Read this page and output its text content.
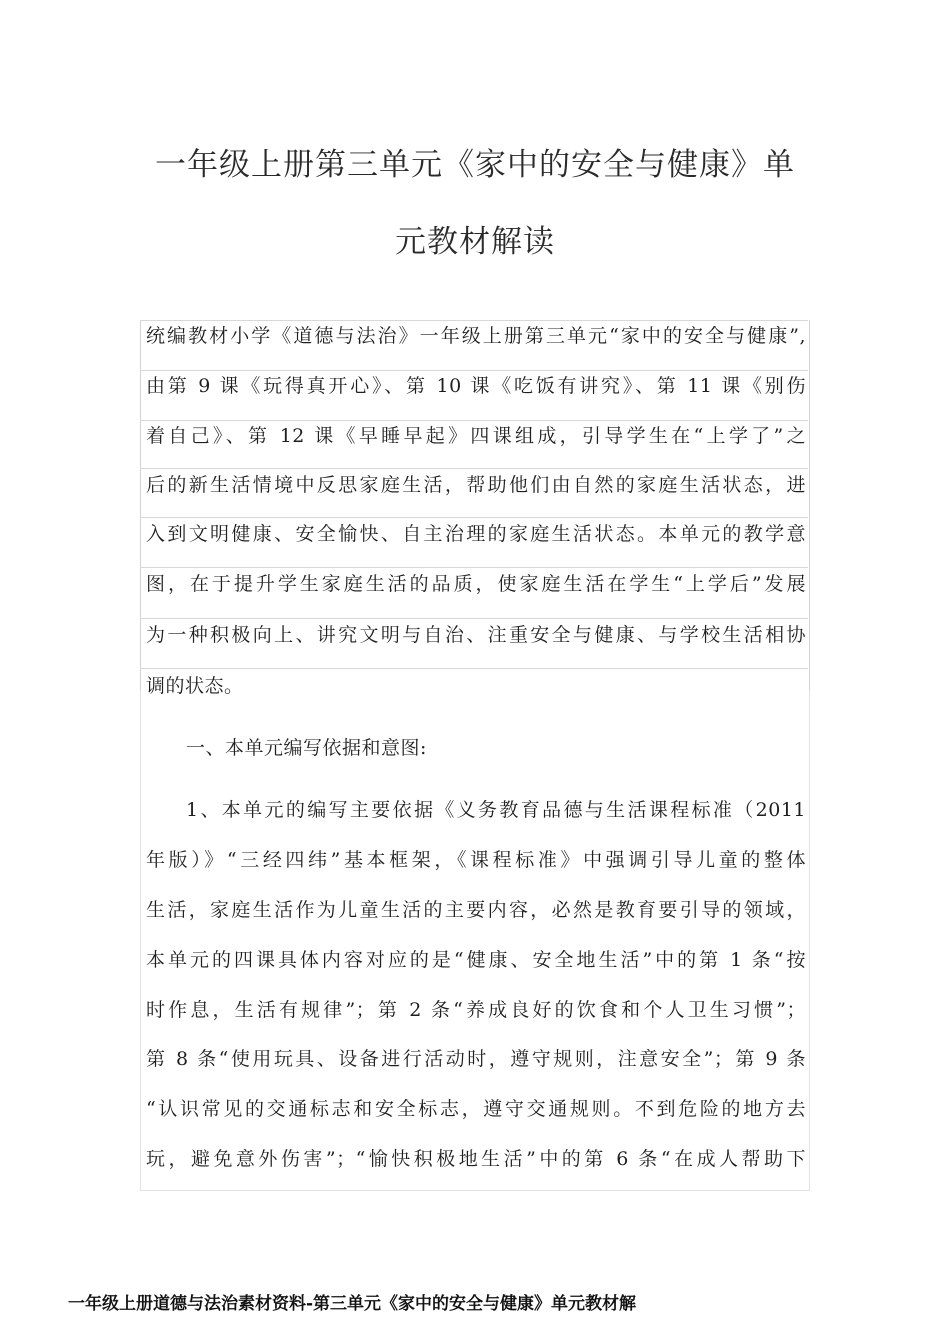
一年级上册第三单元《家中的安全与健康》单
元教材解读
统编教材小学《道德与法治》一年级上册第三单元“家中的安全与健康”,
由第 9 课《玩得真开心》、第 10 课《吃饭有讲究》、第 11 课《别伤
着自己》、第 12 课《早睡早起》四课组成，引导学生在“上学了”之
后的新生活情境中反思家庭生活，帮助他们由自然的家庭生活状态，进
入到文明健康、安全愉快、自主治理的家庭生活状态。本单元的教学意
图，在于提升学生家庭生活的品质，使家庭生活在学生“上学后”发展
为一种积极向上、讲究文明与自治、注重安全与健康、与学校生活相协
调的状态。
一、本单元编写依据和意图:
1、本单元的编写主要依据《义务教育品德与生活课程标准（2011
年版）》“三经四纬”基本框架，《课程标准》中强调引导儿童的整体
生活，家庭生活作为儿童生活的主要内容，必然是教育要引导的领域，
本单元的四课具体内容对应的是“健康、安全地生活”中的第 1 条“按
时作息，生活有规律”；第 2 条“养成良好的饮食和个人卫生习惯”；
第 8 条“使用玩具、设备进行活动时，遵守规则，注意安全”；第 9 条
“认识常见的交通标志和安全标志，遵守交通规则。不到危险的地方去
玩，避免意外伤害”；“愉快积极地生活”中的第 6 条“在成人帮助下
一年级上册道德与法治素材资料-第三单元《家中的安全与健康》单元教材解
